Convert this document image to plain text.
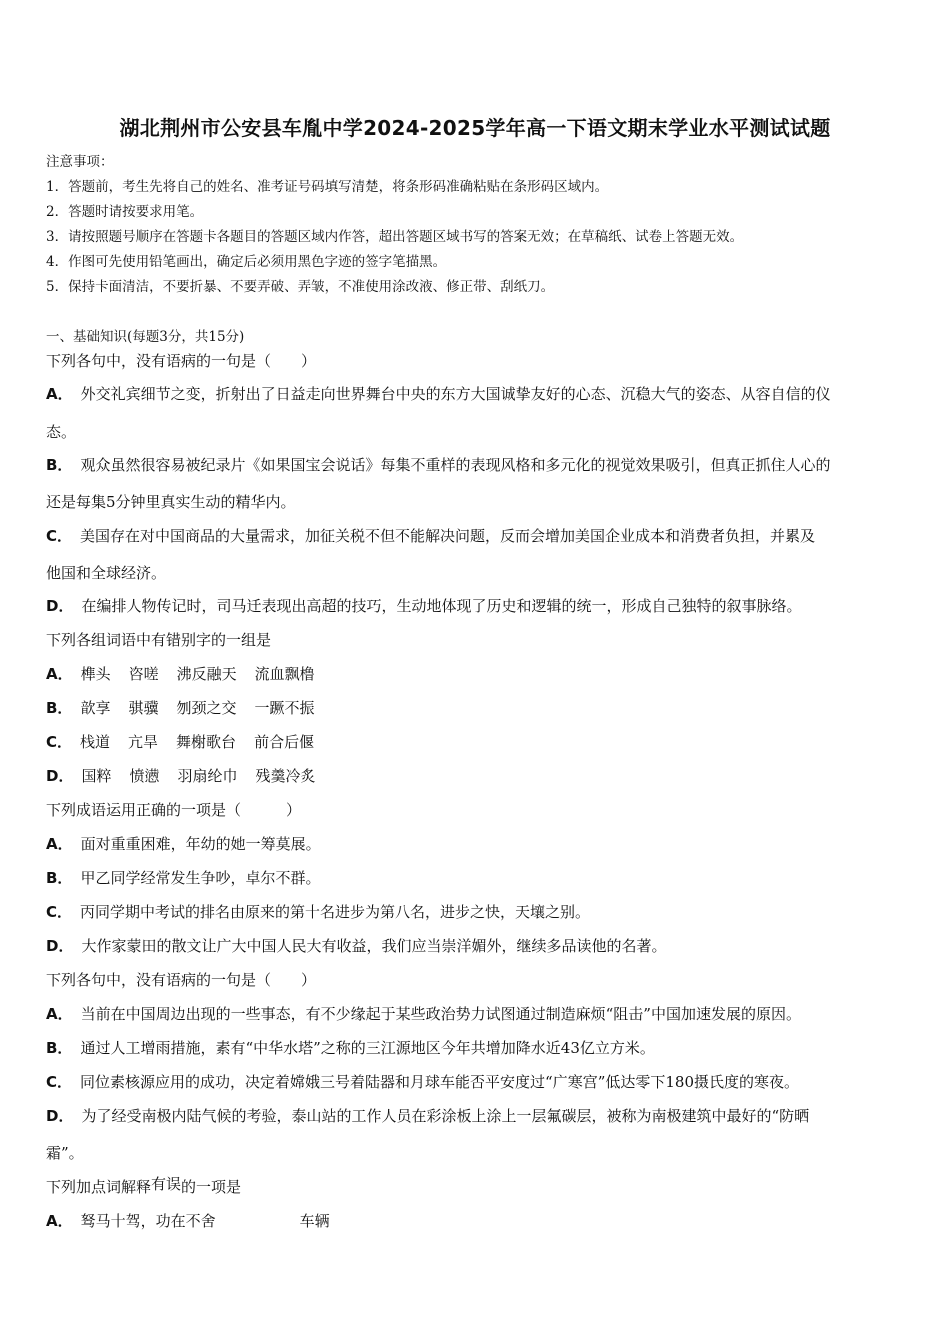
湖北荆州市公安县车胤中学2024-2025学年高一下语文期末学业水平测试试题
注意事项：
1．答题前，考生先将自己的姓名、准考证号码填写清楚，将条形码准确粘贴在条形码区域内。
2．答题时请按要求用笔。
3．请按照题号顺序在答题卡各题目的答题区域内作答，超出答题区域书写的答案无效；在草稿纸、试卷上答题无效。
4．作图可先使用铅笔画出，确定后必须用黑色字迹的签字笔描黑。
5．保持卡面清洁，不要折暴、不要弄破、弄皱，不准使用涂改液、修正带、刮纸刀。
一、基础知识(每题3分，共15分)
下列各句中，没有语病的一句是（　　）
A． 外交礼宾细节之变，折射出了日益走向世界舞台中央的东方大国诚挚友好的心态、沉稳大气的姿态、从容自信的仪
态。
B． 观众虽然很容易被纪录片《如果国宝会说话》每集不重样的表现风格和多元化的视觉效果吸引，但真正抓住人心的
还是每集5分钟里真实生动的精华内。
C． 美国存在对中国商品的大量需求，加征关税不但不能解决问题，反而会增加美国企业成本和消费者负担，并累及
他国和全球经济。
D． 在编排人物传记时，司马迁表现出高超的技巧，生动地体现了历史和逻辑的统一，形成自己独特的叙事脉络。
下列各组词语中有错别字的一组是
A． 榫头 咨嗟 沸反融天 流血飘橹
B． 歆享 骐骥 刎颈之交 一蹶不振
C． 栈道 亢旱 舞榭歌台 前合后偃
D． 国粹 愤懑 羽扇纶巾 残羹冷炙
下列成语运用正确的一项是（　　　）
A． 面对重重困难，年幼的她一筹莫展。
B． 甲乙同学经常发生争吵，卓尔不群。
C． 丙同学期中考试的排名由原来的第十名进步为第八名，进步之快，天壤之别。
D． 大作家蒙田的散文让广大中国人民大有收益，我们应当崇洋媚外，继续多品读他的名著。
下列各句中，没有语病的一句是（　　）
A． 当前在中国周边出现的一些事态，有不少缘起于某些政治势力试图通过制造麻烦“阻击”中国加速发展的原因。
B． 通过人工增雨措施，素有“中华水塔”之称的三江源地区今年共增加降水近43亿立方米。
C． 同位素核源应用的成功，决定着嫦娥三号着陆器和月球车能否平安度过“广寒宫”低达零下180摄氏度的寒夜。
D． 为了经受南极内陆气候的考验，泰山站的工作人员在彩涂板上涂上一层氟碳层，被称为南极建筑中最好的“防晒
霜”。
下列加点词解释有误的一项是
A． 驽马十驾，功在不舍	车辆
